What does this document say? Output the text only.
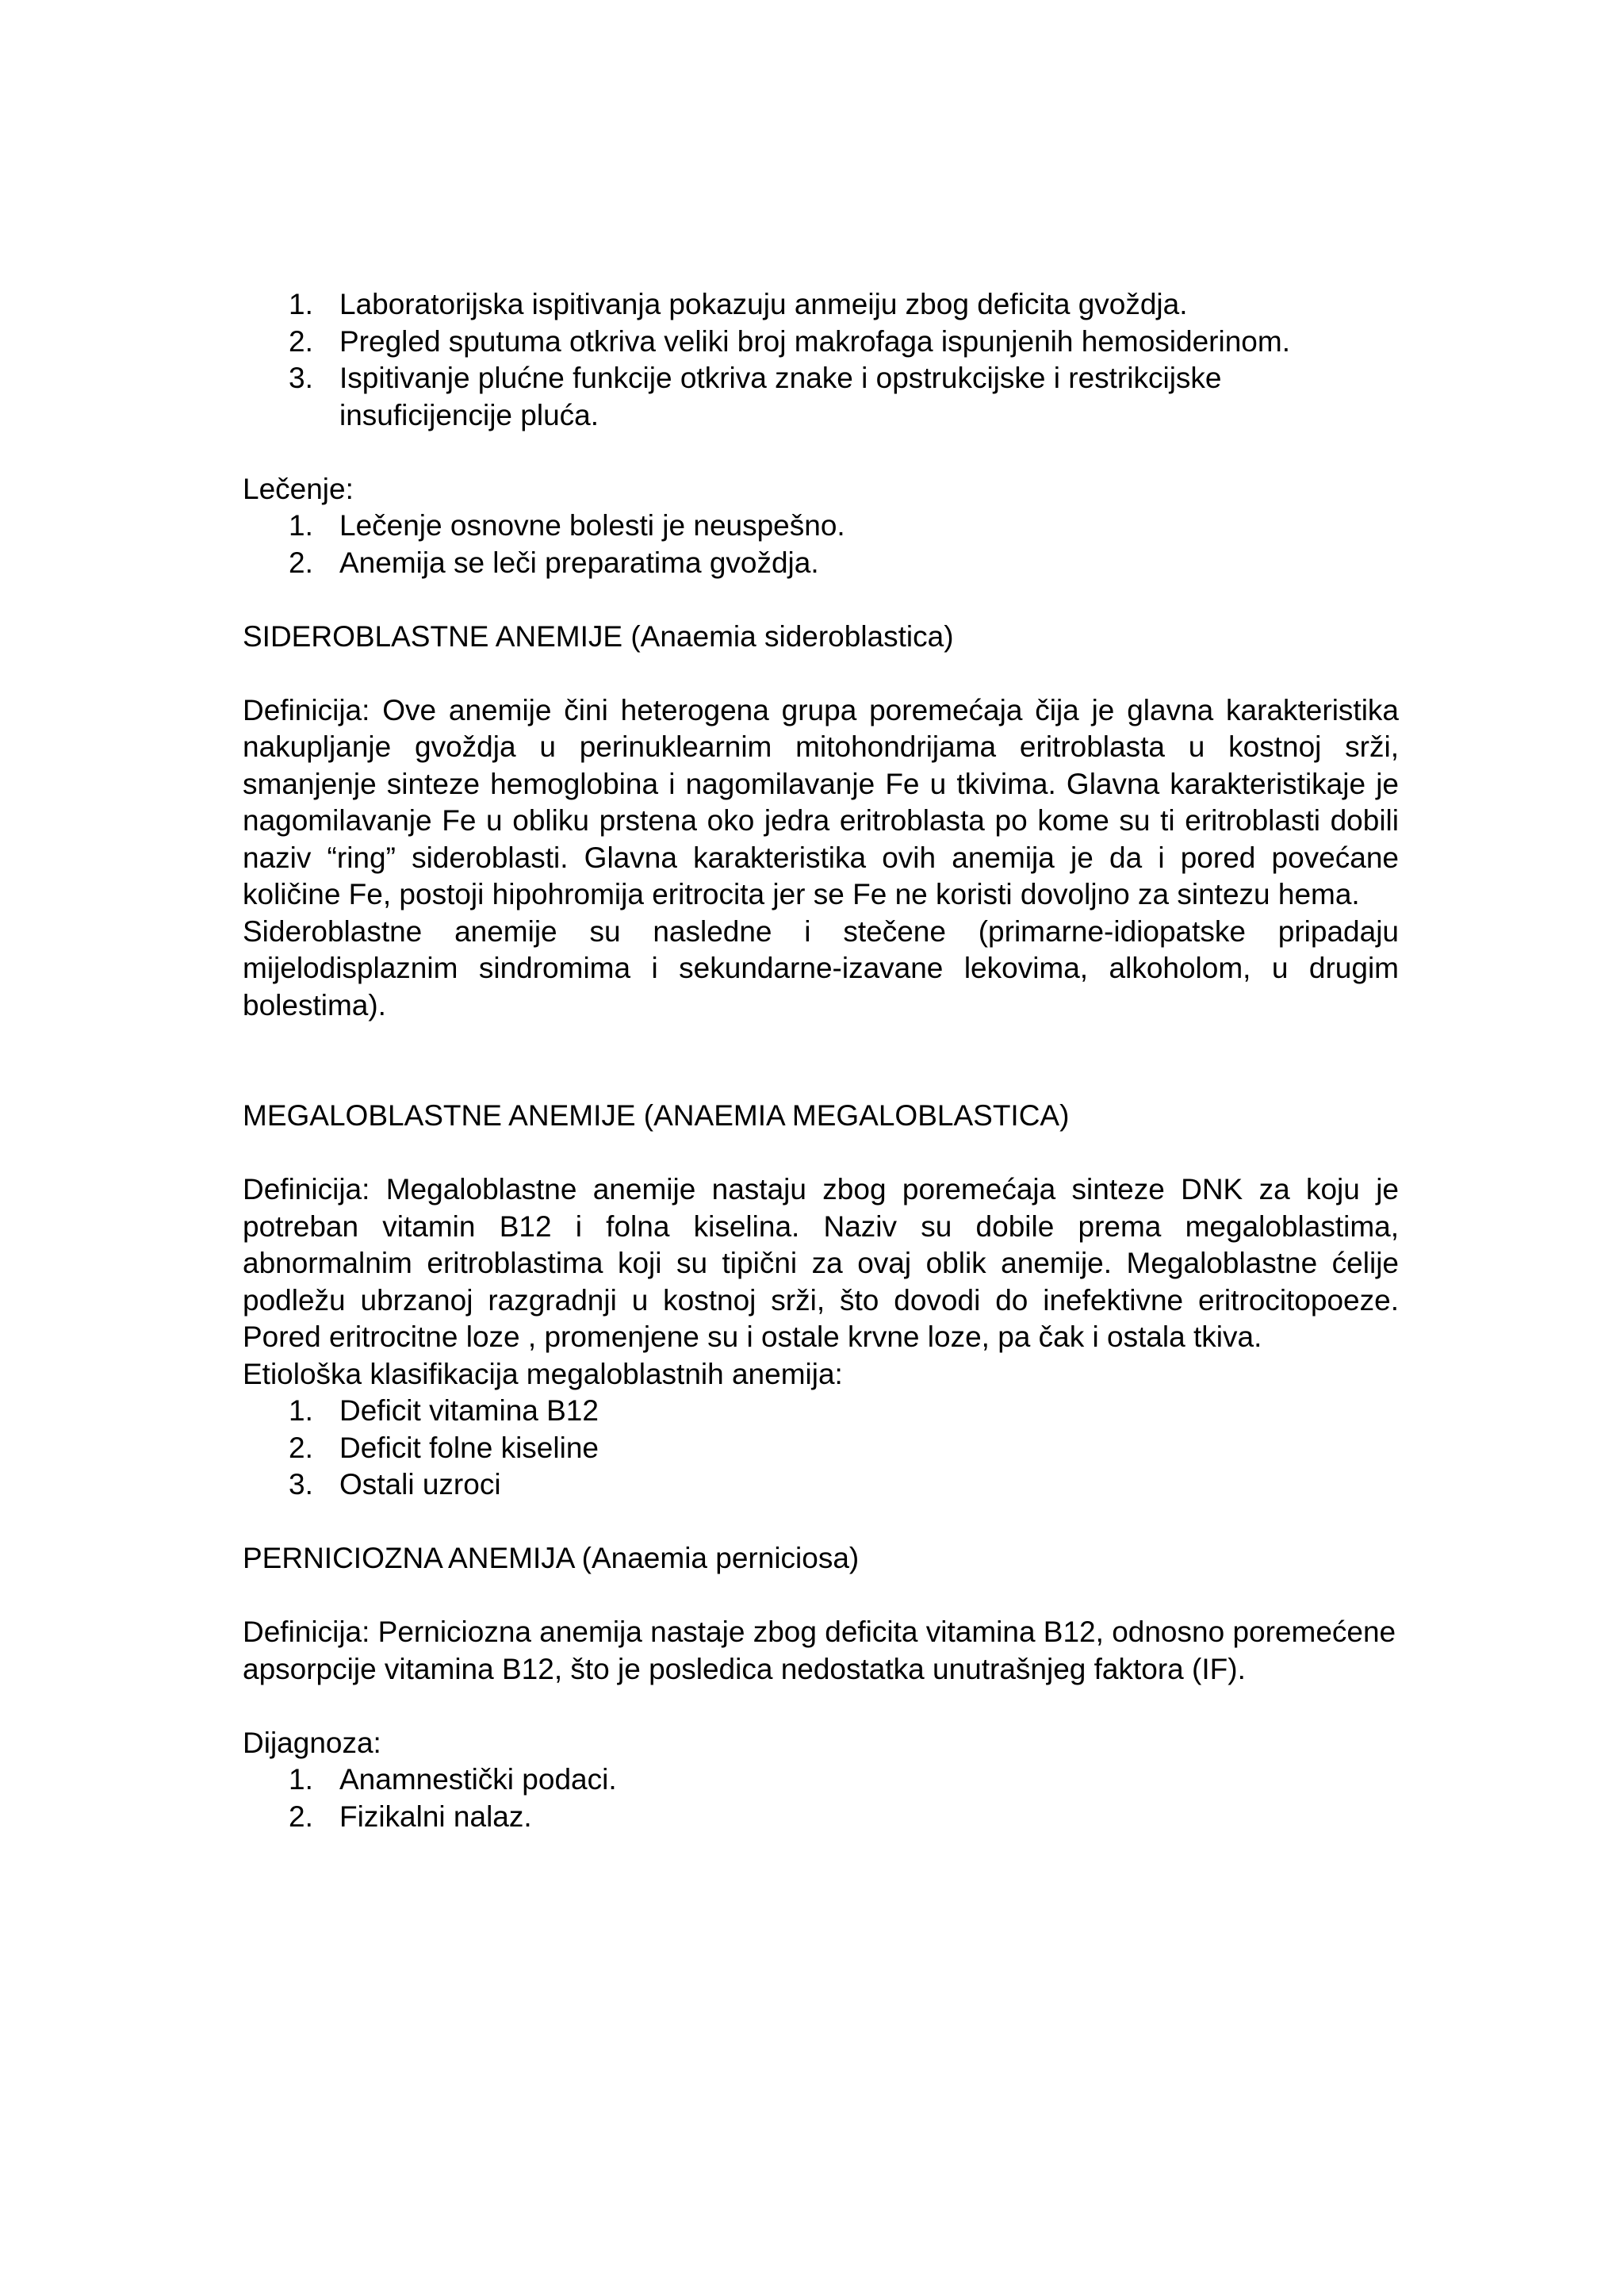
1. Laboratorijska ispitivanja pokazuju anmeiju zbog deficita gvoždja.
2. Pregled sputuma otkriva veliki broj makrofaga ispunjenih hemosiderinom.
3. Ispitivanje plućne funkcije otkriva znake i opstrukcijske i restrikcijske insuficijencije pluća.

Lečenje:

1. Lečenje osnovne bolesti je neuspešno.
2. Anemija se leči preparatima gvoždja.
SIDEROBLASTNE ANEMIJE (Anaemia sideroblastica)

Definicija: Ove anemije čini heterogena grupa poremećaja čija je glavna karakteristika nakupljanje gvoždja u perinuklearnim mitohondrijama eritroblasta u kostnoj srži, smanjenje sinteze hemoglobina i nagomilavanje Fe u tkivima. Glavna karakteristikaje je nagomilavanje Fe u obliku prstena oko jedra eritroblasta po kome su ti eritroblasti dobili naziv “ring” sideroblasti. Glavna karakteristika ovih anemija je da i pored povećane količine Fe, postoji hipohromija eritrocita jer se Fe ne koristi dovoljno za sintezu hema.

Sideroblastne anemije su nasledne i stečene (primarne-idiopatske pripadaju mijelodisplaznim sindromima i sekundarne-izavane lekovima, alkoholom, u drugim bolestima).

MEGALOBLASTNE ANEMIJE (ANAEMIA MEGALOBLASTICA)

Definicija: Megaloblastne anemije nastaju zbog poremećaja sinteze DNK za koju je potreban vitamin B12 i folna kiselina. Naziv su dobile prema megaloblastima, abnormalnim eritroblastima koji su tipični za ovaj oblik anemije. Megaloblastne ćelije podležu ubrzanoj razgradnji u kostnoj srži, što dovodi do inefektivne eritrocitopoeze. Pored eritrocitne loze , promenjene su i ostale krvne loze, pa čak i ostala tkiva.

Etiološka klasifikacija megaloblastnih anemija:

1. Deficit vitamina B12
2. Deficit folne kiseline
3. Ostali uzroci
PERNICIOZNA ANEMIJA (Anaemia perniciosa)

Definicija: Perniciozna anemija nastaje zbog deficita vitamina B12, odnosno poremećene apsorpcije vitamina B12, što je posledica nedostatka unutrašnjeg faktora (IF).

Dijagnoza:

1. Anamnestički podaci.
2. Fizikalni nalaz.
